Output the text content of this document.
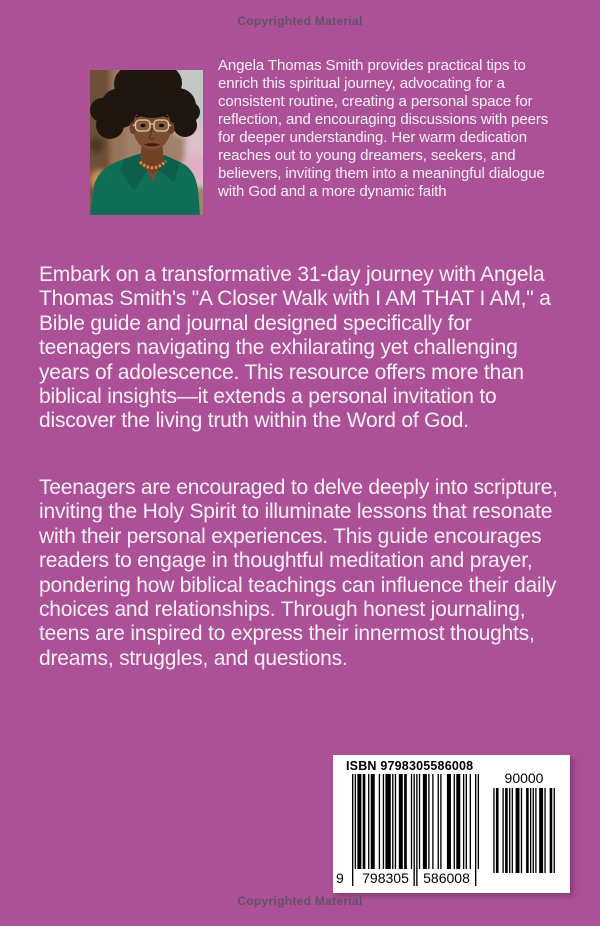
Copyrighted Material
Angela Thomas Smith provides practical tips to enrich this spiritual journey, advocating for a consistent routine, creating a personal space for reflection, and encouraging discussions with peers for deeper understanding. Her warm dedication reaches out to young dreamers, seekers, and believers, inviting them into a meaningful dialogue with God and a more dynamic faith
Embark on a transformative 31-day journey with Angela Thomas Smith's "A Closer Walk with I AM THAT I AM," a Bible guide and journal designed specifically for teenagers navigating the exhilarating yet challenging years of adolescence. This resource offers more than biblical insights—it extends a personal invitation to discover the living truth within the Word of God.
Teenagers are encouraged to delve deeply into scripture, inviting the Holy Spirit to illuminate lessons that resonate with their personal experiences. This guide encourages readers to engage in thoughtful meditation and prayer, pondering how biblical teachings can influence their daily choices and relationships. Through honest journaling, teens are inspired to express their innermost thoughts, dreams, struggles, and questions.
ISBN 9798305586008
9 798305 586008
90000
Copyrighted Material
